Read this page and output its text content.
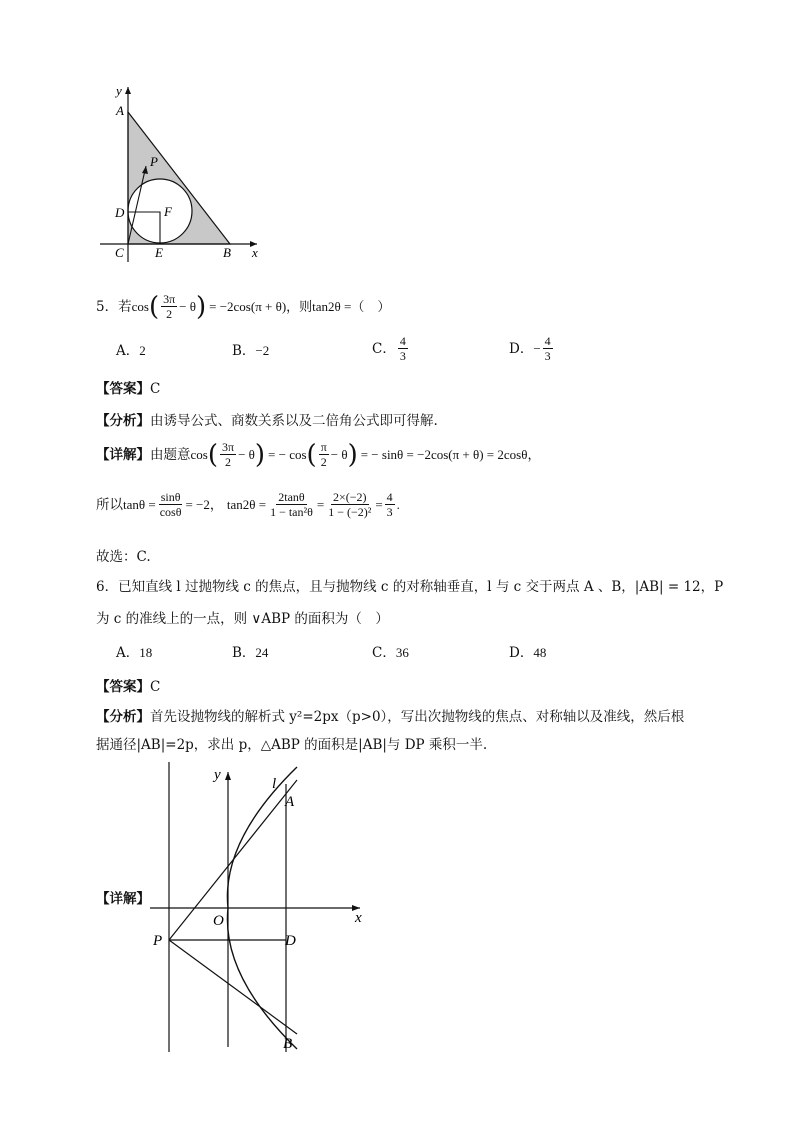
y
A
P
D	F
C E	B x
5．若 cos ( $\frac{3\pi}{2} - \theta$ ) = −2cos(π + θ)，则tan2θ =（　）
A．2	B．−2	C． $\frac{4}{3}$	D． − $\frac{4}{3}$
【答案】C
【分析】由诱导公式、商数关系以及二倍角公式即可得解.
【详解】 由题意 cos ( $\frac{3\pi}{2} - \theta$ ) = − cos ( $\frac{\pi}{2} - \theta$ ) = − sinθ = −2cos(π + θ) = 2cosθ，
所以 $\tan\theta = \frac{\sin\theta}{\cos\theta} = -2$， $\tan 2\theta = \frac{2\tan\theta}{\text{1 − tan²θ}} = \frac{2\times(-2)}{\text{1 − (−2)²}} = \frac{4}{3}$ .
故选：C.
6．已知直线 l 过抛物线 c 的焦点，且与抛物线 c 的对称轴垂直，l 与 c 交于两点 A 、B，|AB| = 12，P
为 c 的准线上的一点，则 ∨ABP 的面积为（　）
A．18	B．24	C．36	D．48
【答案】C
【分析】首先设抛物线的解析式 y²=2px（p>0），写出次抛物线的焦点、对称轴以及准线，然后根
据通径|AB|=2p，求出 p，△ABP 的面积是|AB|与 DP 乘积一半.
【详解】
y
l
A
O	x
P	D
B
